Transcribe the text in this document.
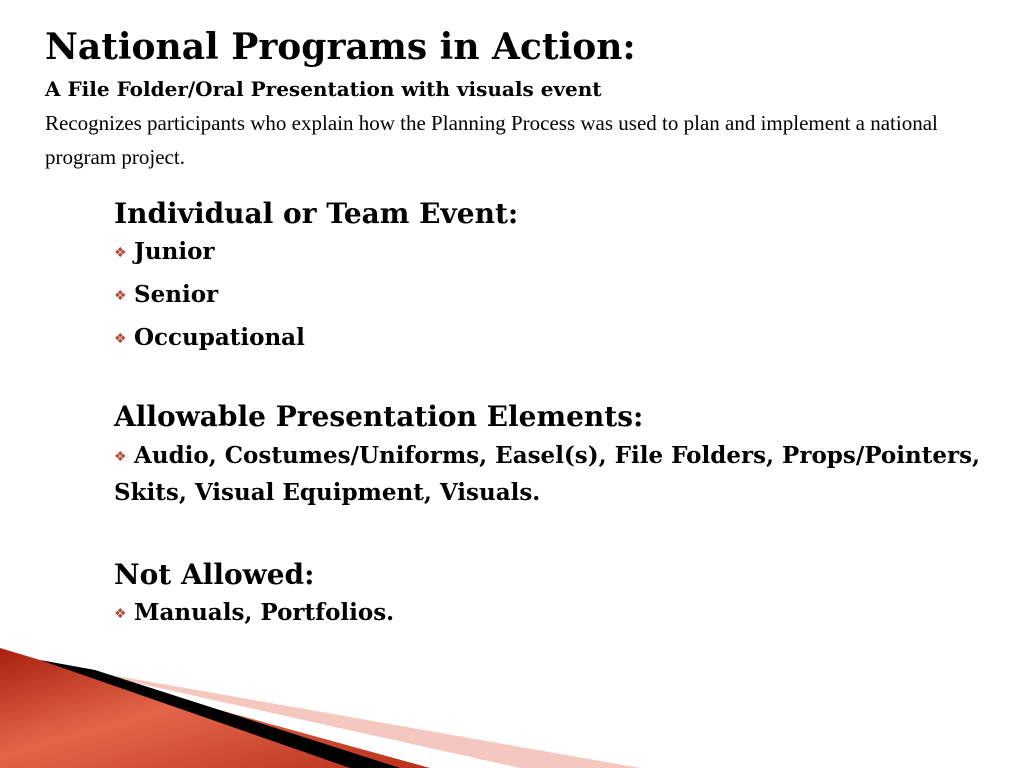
National Programs in Action:
A File Folder/Oral Presentation with visuals event
Recognizes participants who explain how the Planning Process was used to plan and implement a national program project.
Individual or Team Event:
❖ Junior
❖ Senior
❖ Occupational
Allowable Presentation Elements:
❖ Audio, Costumes/Uniforms, Easel(s), File Folders, Props/Pointers, Skits, Visual Equipment, Visuals.
Not Allowed:
❖ Manuals, Portfolios.
